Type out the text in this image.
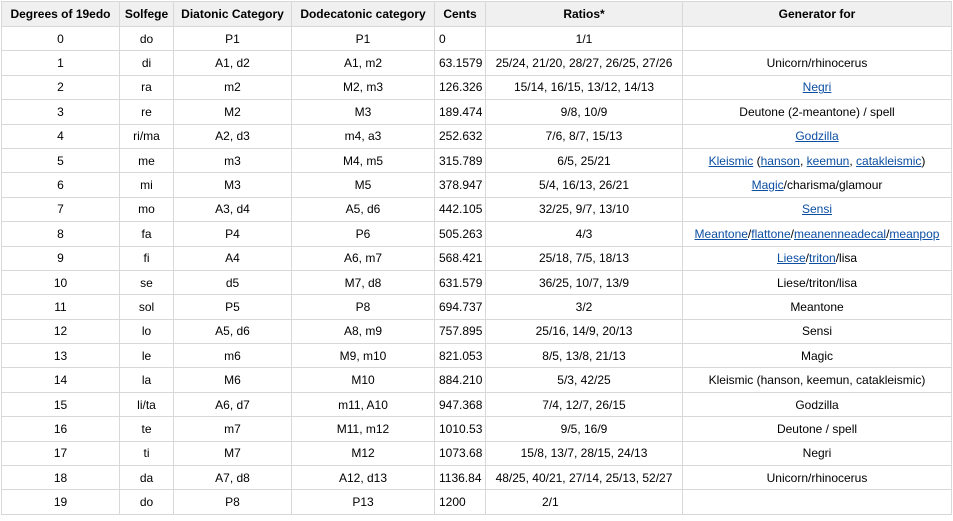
Degrees of 19edo	Solfege	Diatonic Category	Dodecatonic category	Cents	Ratios*	Generator for
0	do	P1	P1	0	1/1	
1	di	A1, d2	A1, m2	63.1579	25/24, 21/20, 28/27, 26/25, 27/26	Unicorn/rhinocerus
2	ra	m2	M2, m3	126.326	15/14, 16/15, 13/12, 14/13	Negri
3	re	M2	M3	189.474	9/8, 10/9	Deutone (2-meantone) / spell
4	ri/ma	A2, d3	m4, a3	252.632	7/6, 8/7, 15/13	Godzilla
5	me	m3	M4, m5	315.789	6/5, 25/21	Kleismic (hanson, keemun, catakleismic)
6	mi	M3	M5	378.947	5/4, 16/13, 26/21	Magic/charisma/glamour
7	mo	A3, d4	A5, d6	442.105	32/25, 9/7, 13/10	Sensi
8	fa	P4	P6	505.263	4/3	Meantone/flattone/meanenneadecal/meanpop
9	fi	A4	A6, m7	568.421	25/18, 7/5, 18/13	Liese/triton/lisa
10	se	d5	M7, d8	631.579	36/25, 10/7, 13/9	Liese/triton/lisa
11	sol	P5	P8	694.737	3/2	Meantone
12	lo	A5, d6	A8, m9	757.895	25/16, 14/9, 20/13	Sensi
13	le	m6	M9, m10	821.053	8/5, 13/8, 21/13	Magic
14	la	M6	M10	884.210	5/3, 42/25	Kleismic (hanson, keemun, catakleismic)
15	li/ta	A6, d7	m11, A10	947.368	7/4, 12/7, 26/15	Godzilla
16	te	m7	M11, m12	1010.53	9/5, 16/9	Deutone / spell
17	ti	M7	M12	1073.68	15/8, 13/7, 28/15, 24/13	Negri
18	da	A7, d8	A12, d13	1136.84	48/25, 40/21, 27/14, 25/13, 52/27	Unicorn/rhinocerus
19	do	P8	P13	1200	2/1	
